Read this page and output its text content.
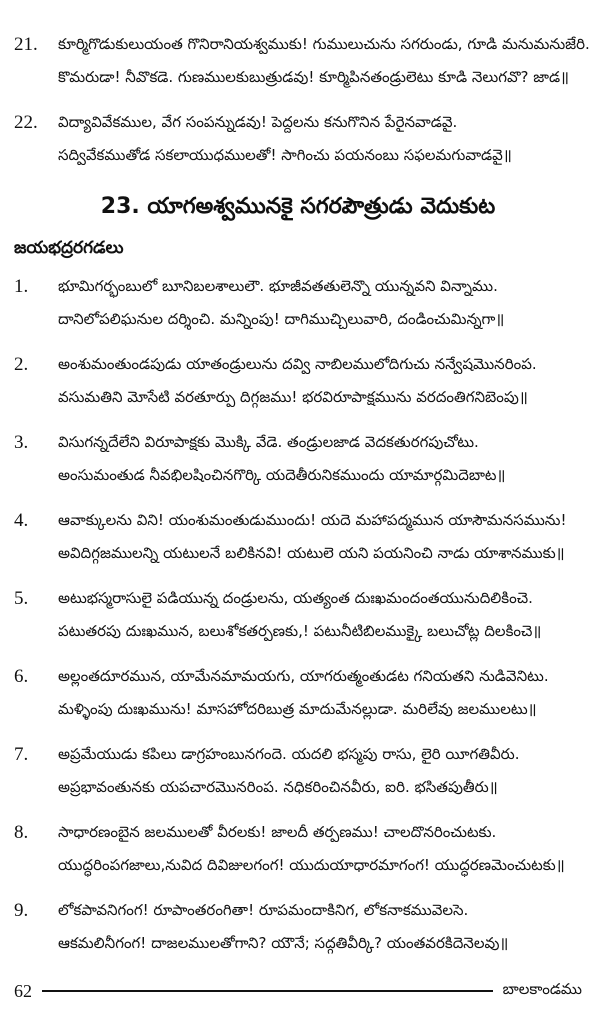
21.	కూర్మిగొడుకులుయంత గొనిరానియశ్వముకు! గుములుచును సగరుండు, గూడి మనుమనుజేరి.
కొమరుడా! నీవొకడె. గుణములకుబుత్రుడవు! కూర్మిపినతండ్రులెటు కూడి నెలుగవొ? జాడ॥
22.	విద్యావివేకముల, వేగ సంపన్నుడవు! పెద్దలను కనుగొనిన పేరైనవాడవై.
సద్వివేకముతోడ సకలాయుధములతో! సాగించు పయనంబు సఫలమగువాడవై॥
23. యాగఅశ్వమునకై సగరపౌత్రుడు వెదుకుట
జయభద్రరగడలు
1.	భూమిగర్భంబులో బూనిబలశాలులౌ. భూజీవతతులెన్నొ యున్నవని విన్నాము.
దానిలోపలిఘనుల దర్శించి. మన్నింపు! దాగిముచ్చిలువారి, దండించుమిన్నగా॥
2.	అంశుమంతుండపుడు యాతండ్రులును దవ్వి నాబిలములోదిగుచు నన్వేషమొనరింప.
వసుమతిని మోసేటి వరతూర్పు దిగ్గజము! భరవిరూపాక్షమును వరదంతిగనిబెంపు॥
3.	విసుగన్నదేలేని విరూపాక్షకు మొక్కి వేడె. తండ్రులజాడ వెదకతురగపుచోటు.
అంసుమంతుడ నీవభిలషించినగొర్కి యదెతీరునికముందు యామార్గమిదెబాట॥
4.	ఆవాక్కులను విని! యంశుమంతుడుముందు! యదె మహాపద్మమున యాసౌమనసమును!
అవిదిగ్గజములన్ని యటులనే బలికినవి! యటులె యని పయనించి నాడు యాశానముకు॥
5.	అటుభస్మరాసులై పడియున్న దండ్రులను, యత్యంత దుఃఖమందంతయునుదిలికించె.
పటుతరపు దుఃఖమున, బలుశోకతర్పణకు,! పటునీటిబిలముక్కై బలుచోట్ల దిలకించె॥
6.	అల్లంతదూరమున, యామేనమామయగు, యాగరుత్మంతుడట గనియతని నుడివెనిటు.
మళ్ళింపు దుఃఖమును! మాసహోదరిబుత్ర మాదుమేనల్లుడా. మరిలేవు జలములటు॥
7.	అప్రమేయుడు కపిలు డాగ్రహంబునగందె. యదలి భస్మపు రాసు, లైరి యీగతివీరు.
అప్రభావంతునకు యపచారమొనరింప. నధికరించినవీరు, ఐరి. భసితపుతీరు॥
8.	సాధారణంబైన జలములతో వీరలకు! జాలదీ తర్పణము! చాలదొనరించుటకు.
యుద్ధరింపగజాలు,నువిద దివిజులగంగ! యుదుయాధారమాగంగ! యుద్ధరణమెంచుటకు॥
9.	లోకపావనిగంగ! రూపాంతరంగితా! రూపమందాకినిగ, లోకనాకమువెలసె.
ఆకమలినీగంగ! దాజలములతోగాని? యౌనే; సద్గతివీర్కి? యంతవరకిదెనెలవు॥
62	బాలకాండము
